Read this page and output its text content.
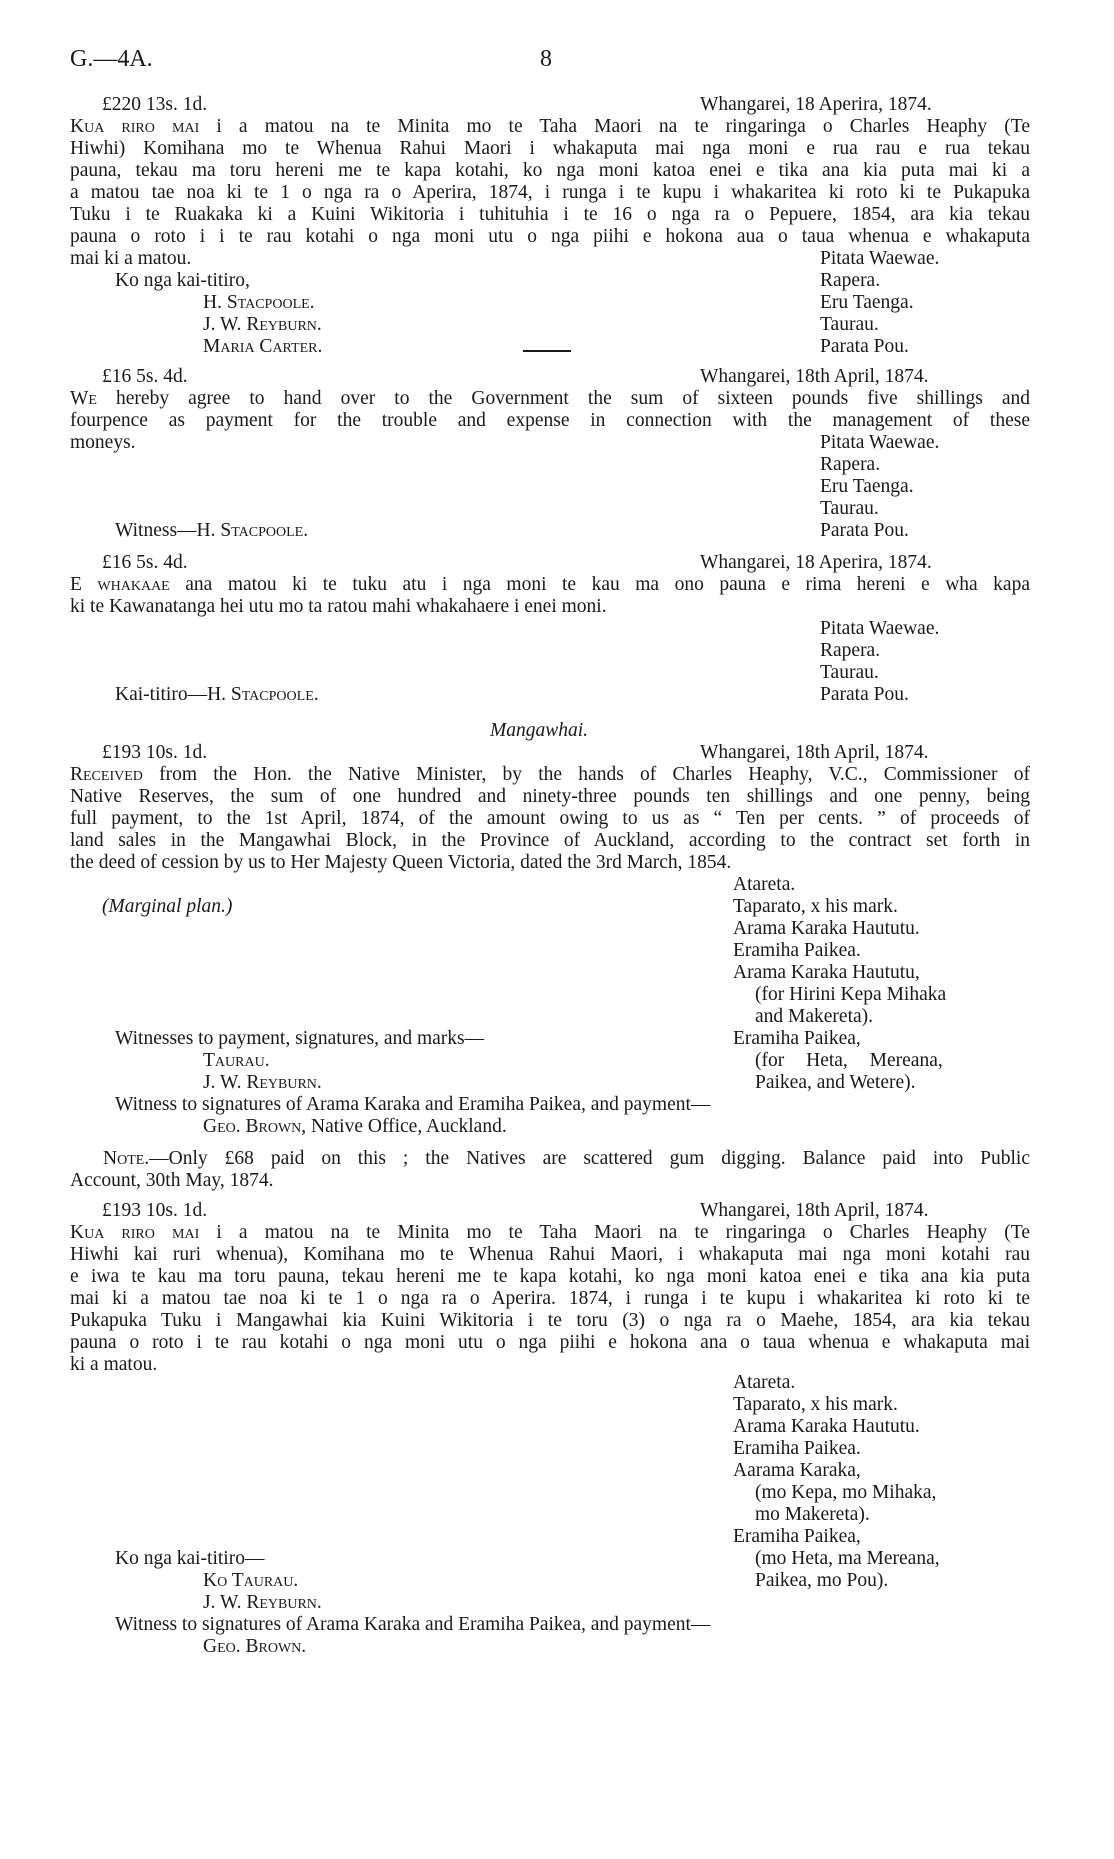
G.—4A.	8
£220 13s. 1d.	Whangarei, 18 Aperira, 1874.
Kua riro mai i a matou na te Minita mo te Taha Maori na te ringaringa o Charles Heaphy (Te
Hiwhi) Komihana mo te Whenua Rahui Maori i whakaputa mai nga moni e rua rau e rua tekau
pauna, tekau ma toru hereni me te kapa kotahi, ko nga moni katoa enei e tika ana kia puta mai ki a
a matou tae noa ki te 1 o nga ra o Aperira, 1874, i runga i te kupu i whakaritea ki roto ki te Pukapuka
Tuku i te Ruakaka ki a Kuini Wikitoria i tuhituhia i te 16 o nga ra o Pepuere, 1854, ara kia tekau
pauna o roto i i te rau kotahi o nga moni utu o nga piihi e hokona aua o taua whenua e whakaputa
mai ki a matou.	Pitata Waewae.
Rapera.
Eru Taenga.
Taurau.
Parata Pou.
Ko nga kai-titiro,
H. Stacpoole.
J. W. Reyburn.
Maria Carter.
£16 5s. 4d.	Whangarei, 18th April, 1874.
We hereby agree to hand over to the Government the sum of sixteen pounds five shillings and
fourpence as payment for the trouble and expense in connection with the management of these
moneys.	Pitata Waewae.
Rapera.
Eru Taenga.
Taurau.
Parata Pou.
Witness—H. Stacpoole.
£16 5s. 4d.	Whangarei, 18 Aperira, 1874.
E whakaae ana matou ki te tuku atu i nga moni te kau ma ono pauna e rima hereni e wha kapa
ki te Kawanatanga hei utu mo ta ratou mahi whakahaere i enei moni.
Pitata Waewae.
Rapera.
Taurau.
Parata Pou.
Kai-titiro—H. Stacpoole.
Mangawhai.
£193 10s. 1d.	Whangarei, 18th April, 1874.
Received from the Hon. the Native Minister, by the hands of Charles Heaphy, V.C., Commissioner of
Native Reserves, the sum of one hundred and ninety-three pounds ten shillings and one penny, being
full payment, to the 1st April, 1874, of the amount owing to us as “ Ten per cents. ” of proceeds of
land sales in the Mangawhai Block, in the Province of Auckland, according to the contract set forth in
the deed of cession by us to Her Majesty Queen Victoria, dated the 3rd March, 1854.
Atareta.
Taparato, x his mark.
Arama Karaka Haututu.
Eramiha Paikea.
Arama Karaka Haututu,
(for Hirini Kepa Mihaka
and Makereta).
Eramiha Paikea,
(for Heta, Mereana,
Paikea, and Wetere).
(Marginal plan.)
Witnesses to payment, signatures, and marks—
Taurau.
J. W. Reyburn.
Witness to signatures of Arama Karaka and Eramiha Paikea, and payment—
Geo. Brown, Native Office, Auckland.
Note.—Only £68 paid on this ; the Natives are scattered gum digging. Balance paid into Public
Account, 30th May, 1874.
£193 10s. 1d.	Whangarei, 18th April, 1874.
Kua riro mai i a matou na te Minita mo te Taha Maori na te ringaringa o Charles Heaphy (Te
Hiwhi kai ruri whenua), Komihana mo te Whenua Rahui Maori, i whakaputa mai nga moni kotahi rau
e iwa te kau ma toru pauna, tekau hereni me te kapa kotahi, ko nga moni katoa enei e tika ana kia puta
mai ki a matou tae noa ki te 1 o nga ra o Aperira. 1874, i runga i te kupu i whakaritea ki roto ki te
Pukapuka Tuku i Mangawhai kia Kuini Wikitoria i te toru (3) o nga ra o Maehe, 1854, ara kia tekau
pauna o roto i te rau kotahi o nga moni utu o nga piihi e hokona ana o taua whenua e whakaputa mai
ki a matou.
Atareta.
Taparato, x his mark.
Arama Karaka Haututu.
Eramiha Paikea.
Aarama Karaka,
(mo Kepa, mo Mihaka,
mo Makereta).
Eramiha Paikea,
(mo Heta, ma Mereana,
Paikea, mo Pou).
Ko nga kai-titiro—
Ko Taurau.
J. W. Reyburn.
Witness to signatures of Arama Karaka and Eramiha Paikea, and payment—
Geo. Brown.
